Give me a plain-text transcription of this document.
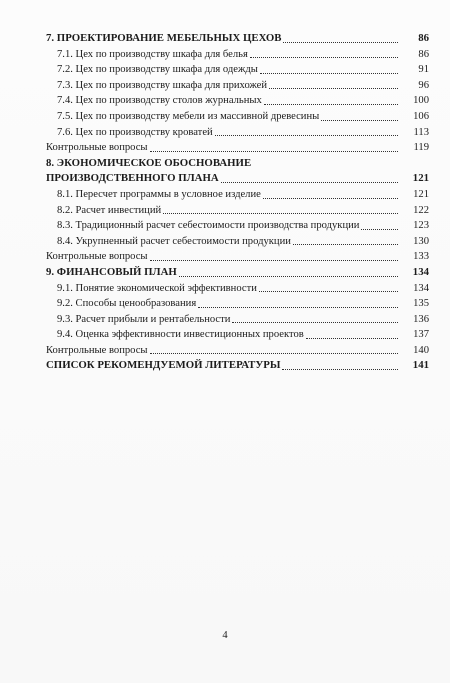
7. ПРОЕКТИРОВАНИЕ МЕБЕЛЬНЫХ ЦЕХОВ	86
7.1. Цех по производству шкафа для белья	86
7.2. Цех по производству шкафа для одежды	91
7.3. Цех по производству шкафа для прихожей	96
7.4. Цех по производству столов журнальных	100
7.5. Цех по производству мебели из массивной древесины	106
7.6. Цех по производству кроватей	113
Контрольные вопросы	119
8. ЭКОНОМИЧЕСКОЕ ОБОСНОВАНИЕ
ПРОИЗВОДСТВЕННОГО ПЛАНА	121
8.1. Пересчет программы в условное изделие	121
8.2. Расчет инвестиций	122
8.3. Традиционный расчет себестоимости производства продукции	123
8.4. Укрупненный расчет себестоимости продукции	130
Контрольные вопросы	133
9. ФИНАНСОВЫЙ ПЛАН	134
9.1. Понятие экономической эффективности	134
9.2. Способы ценообразования	135
9.3. Расчет прибыли и рентабельности	136
9.4. Оценка эффективности инвестиционных проектов	137
Контрольные вопросы	140
СПИСОК РЕКОМЕНДУЕМОЙ ЛИТЕРАТУРЫ	141
4
